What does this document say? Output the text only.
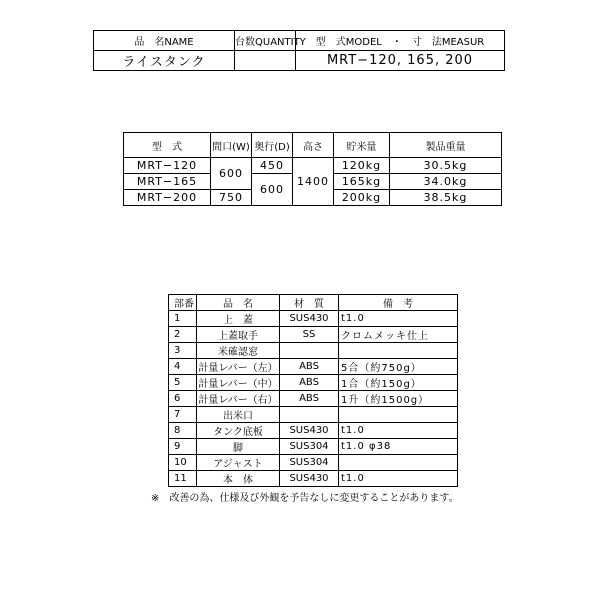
品　名NAME	台数QUANTITY	型　式MODEL　・　寸　法MEASUR
ライスタンク		MRT−120, 165, 200
型　式	間口(W)	奥行(D)	高さ	貯米量	製品重量
MRT−120	600	450	1400	120kg	30.5kg
MRT−165		600		165kg	34.0kg
MRT−200	750			200kg	38.5kg
部番	品　名	材　質	備　考
1	上　蓋	SUS430	t1.0
2	上蓋取手	SS	クロムメッキ仕上
3	米確認窓		
4	計量レバー（左）	ABS	5合（約750g）
5	計量レバー（中）	ABS	1合（約150g）
6	計量レバー（右）	ABS	1升（約1500g）
7	出米口		
8	タンク底板	SUS430	t1.0
9	脚	SUS304	t1.0 φ38
10	アジャスト	SUS304	
11	本　体	SUS430	t1.0
※　改善の為、仕様及び外観を予告なしに変更することがあります。
